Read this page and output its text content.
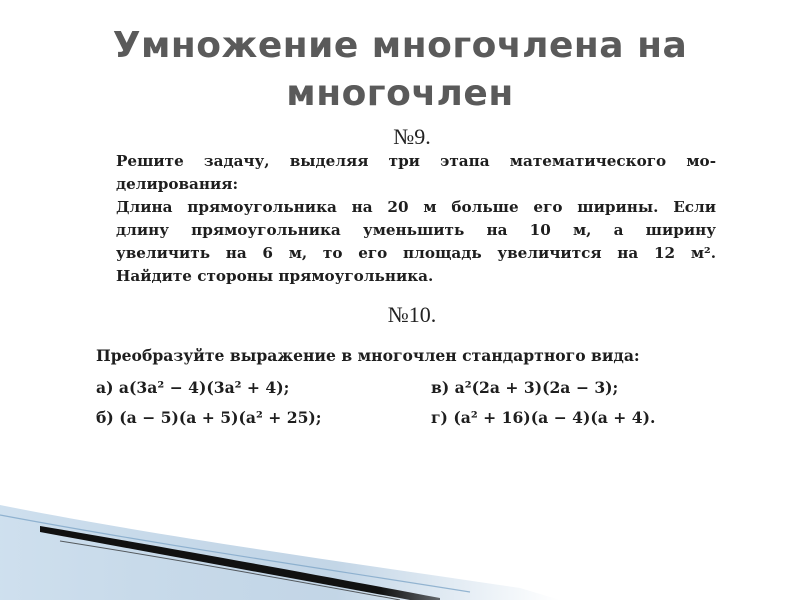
Умножение многочлена на
многочлен
№9.
Решите задачу, выделяя три этапа математического мо-
делирования:
Длина прямоугольника на 20 м больше его ширины. Если
длину прямоугольника уменьшить на 10 м, а ширину
увеличить на 6 м, то его площадь увеличится на 12 м².
Найдите стороны прямоугольника.
№10.
Преобразуйте выражение в многочлен стандартного вида:
а) a(3a² − 4)(3a² + 4);	в) a²(2a + 3)(2a − 3);
б) (a − 5)(a + 5)(a² + 25);	г) (a² + 16)(a − 4)(a + 4).
